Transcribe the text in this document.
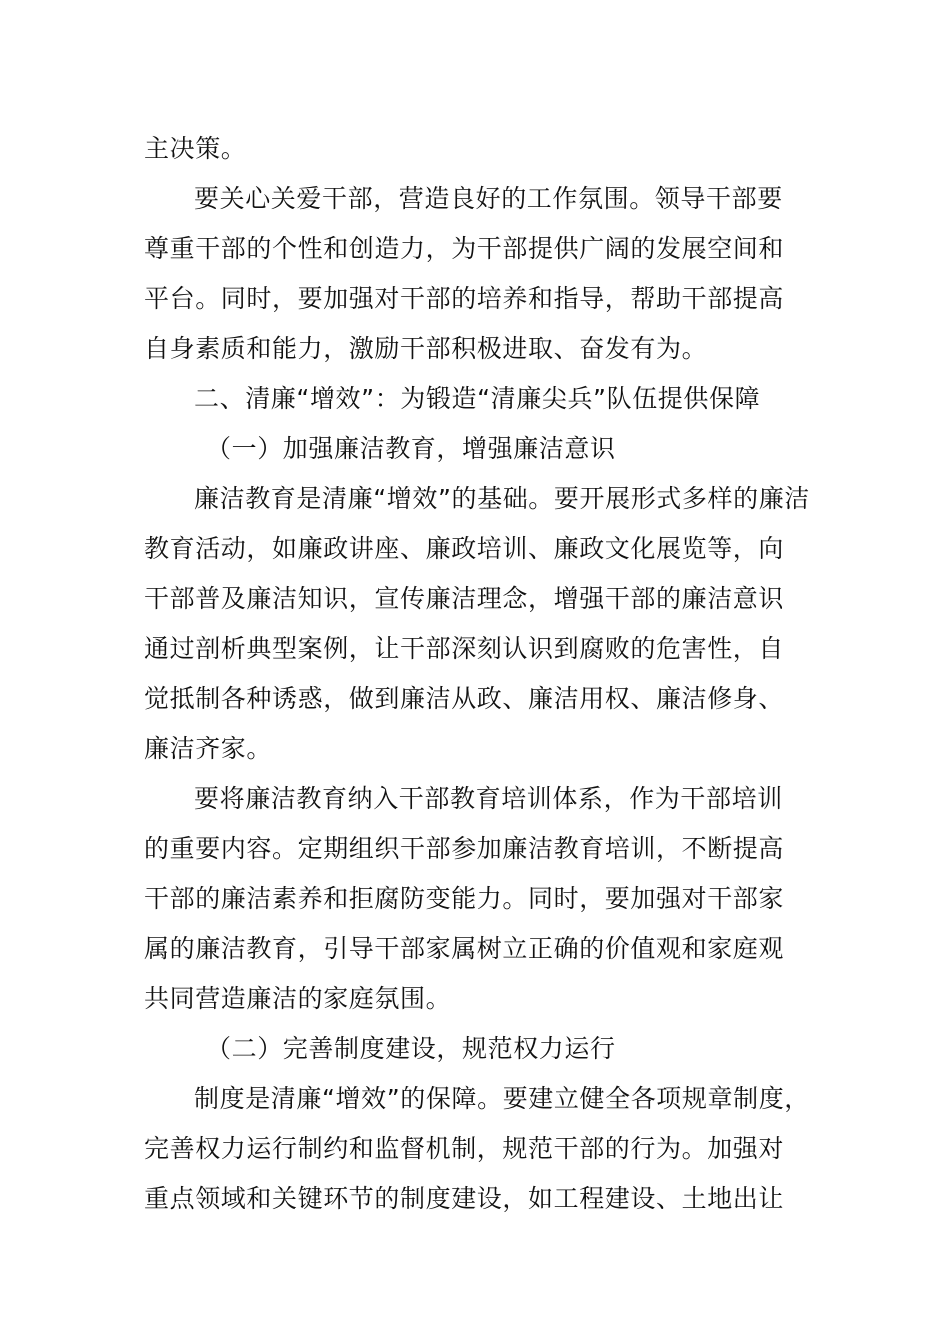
主决策。
要关心关爱干部，营造良好的工作氛围。领导干部要
尊重干部的个性和创造力，为干部提供广阔的发展空间和
平台。同时，要加强对干部的培养和指导，帮助干部提高
自身素质和能力，激励干部积极进取、奋发有为。
二、清廉“增效”：为锻造“清廉尖兵”队伍提供保障
（一）加强廉洁教育，增强廉洁意识
廉洁教育是清廉“增效”的基础。要开展形式多样的廉洁
教育活动，如廉政讲座、廉政培训、廉政文化展览等，向
干部普及廉洁知识，宣传廉洁理念，增强干部的廉洁意识
通过剖析典型案例，让干部深刻认识到腐败的危害性，自
觉抵制各种诱惑，做到廉洁从政、廉洁用权、廉洁修身、
廉洁齐家。
要将廉洁教育纳入干部教育培训体系，作为干部培训
的重要内容。定期组织干部参加廉洁教育培训，不断提高
干部的廉洁素养和拒腐防变能力。同时，要加强对干部家
属的廉洁教育，引导干部家属树立正确的价值观和家庭观
共同营造廉洁的家庭氛围。
（二）完善制度建设，规范权力运行
制度是清廉“增效”的保障。要建立健全各项规章制度，
完善权力运行制约和监督机制，规范干部的行为。加强对
重点领域和关键环节的制度建设，如工程建设、土地出让
